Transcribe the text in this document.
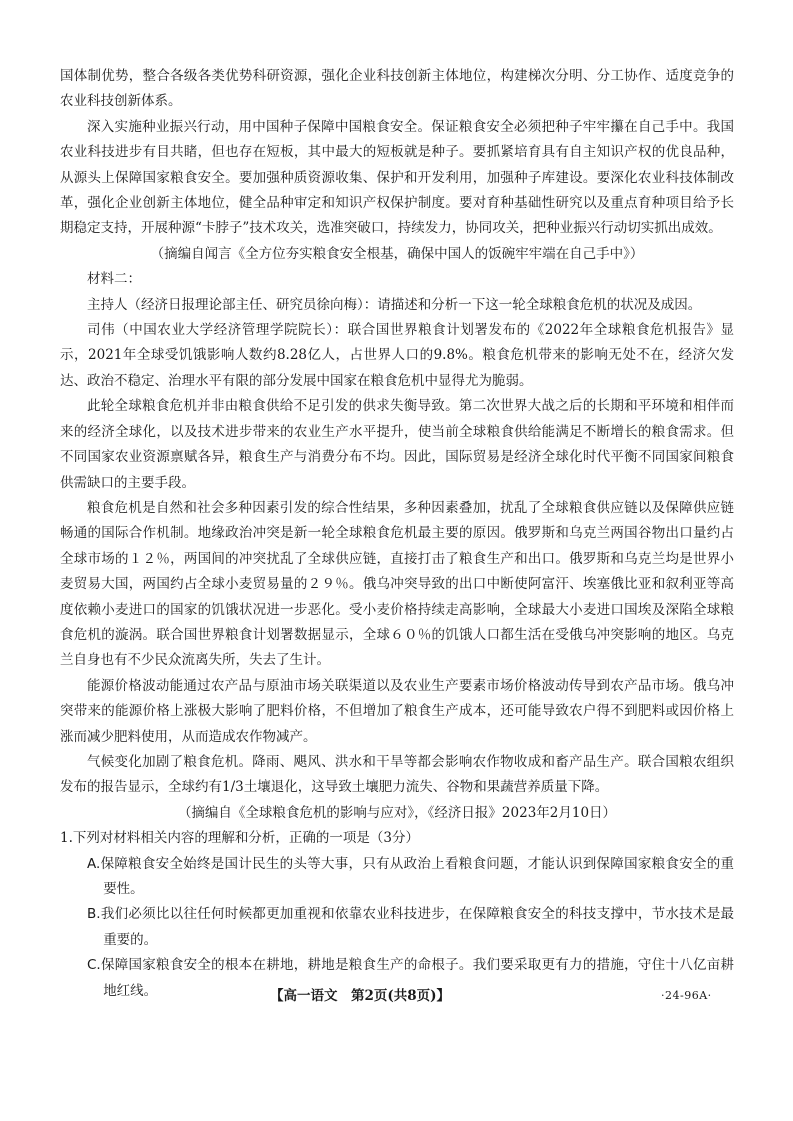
国体制优势，整合各级各类优势科研资源，强化企业科技创新主体地位，构建梯次分明、分工协作、适度竞争的农业科技创新体系。

深入实施种业振兴行动，用中国种子保障中国粮食安全。保证粮食安全必须把种子牢牢攥在自己手中。我国农业科技进步有目共睹，但也存在短板，其中最大的短板就是种子。要抓紧培育具有自主知识产权的优良品种，从源头上保障国家粮食安全。要加强种质资源收集、保护和开发利用，加强种子库建设。要深化农业科技体制改革，强化企业创新主体地位，健全品种审定和知识产权保护制度。要对育种基础性研究以及重点育种项目给予长期稳定支持，开展种源“卡脖子”技术攻关，选准突破口，持续发力，协同攻关，把种业振兴行动切实抓出成效。

（摘编自闻言《全方位夯实粮食安全根基，确保中国人的饭碗牢牢端在自己手中》）

材料二：

主持人（经济日报理论部主任、研究员徐向梅）：请描述和分析一下这一轮全球粮食危机的状况及成因。

司伟（中国农业大学经济管理学院院长）：联合国世界粮食计划署发布的《2022年全球粮食危机报告》显示，2021年全球受饥饿影响人数约8.28亿人，占世界人口的9.8%。粮食危机带来的影响无处不在，经济欠发达、政治不稳定、治理水平有限的部分发展中国家在粮食危机中显得尤为脆弱。

此轮全球粮食危机并非由粮食供给不足引发的供求失衡导致。第二次世界大战之后的长期和平环境和相伴而来的经济全球化，以及技术进步带来的农业生产水平提升，使当前全球粮食供给能满足不断增长的粮食需求。但不同国家农业资源禀赋各异，粮食生产与消费分布不均。因此，国际贸易是经济全球化时代平衡不同国家间粮食供需缺口的主要手段。

粮食危机是自然和社会多种因素引发的综合性结果，多种因素叠加，扰乱了全球粮食供应链以及保障供应链畅通的国际合作机制。地缘政治冲突是新一轮全球粮食危机最主要的原因。俄罗斯和乌克兰两国谷物出口量约占全球市场的１２％，两国间的冲突扰乱了全球供应链，直接打击了粮食生产和出口。俄罗斯和乌克兰均是世界小麦贸易大国，两国约占全球小麦贸易量的２９％。俄乌冲突导致的出口中断使阿富汗、埃塞俄比亚和叙利亚等高度依赖小麦进口的国家的饥饿状况进一步恶化。受小麦价格持续走高影响，全球最大小麦进口国埃及深陷全球粮食危机的漩涡。联合国世界粮食计划署数据显示，全球６０％的饥饿人口都生活在受俄乌冲突影响的地区。乌克兰自身也有不少民众流离失所，失去了生计。

能源价格波动能通过农产品与原油市场关联渠道以及农业生产要素市场价格波动传导到农产品市场。俄乌冲突带来的能源价格上涨极大影响了肥料价格，不但增加了粮食生产成本，还可能导致农户得不到肥料或因价格上涨而减少肥料使用，从而造成农作物减产。

气候变化加剧了粮食危机。降雨、飓风、洪水和干旱等都会影响农作物收成和畜产品生产。联合国粮农组织发布的报告显示，全球约有1/3土壤退化，这导致土壤肥力流失、谷物和果蔬营养质量下降。

（摘编自《全球粮食危机的影响与应对》，《经济日报》2023年2月10日）

1.下列对材料相关内容的理解和分析，正确的一项是（3分）

A.保障粮食安全始终是国计民生的头等大事，只有从政治上看粮食问题，才能认识到保障国家粮食安全的重要性。
B.我们必须比以往任何时候都更加重视和依靠农业科技进步，在保障粮食安全的科技支撑中，节水技术是最重要的。
C.保障国家粮食安全的根本在耕地，耕地是粮食生产的命根子。我们要采取更有力的措施，守住十八亿亩耕地红线。	【高一语文　第2页(共8页)】	·24-96A·
